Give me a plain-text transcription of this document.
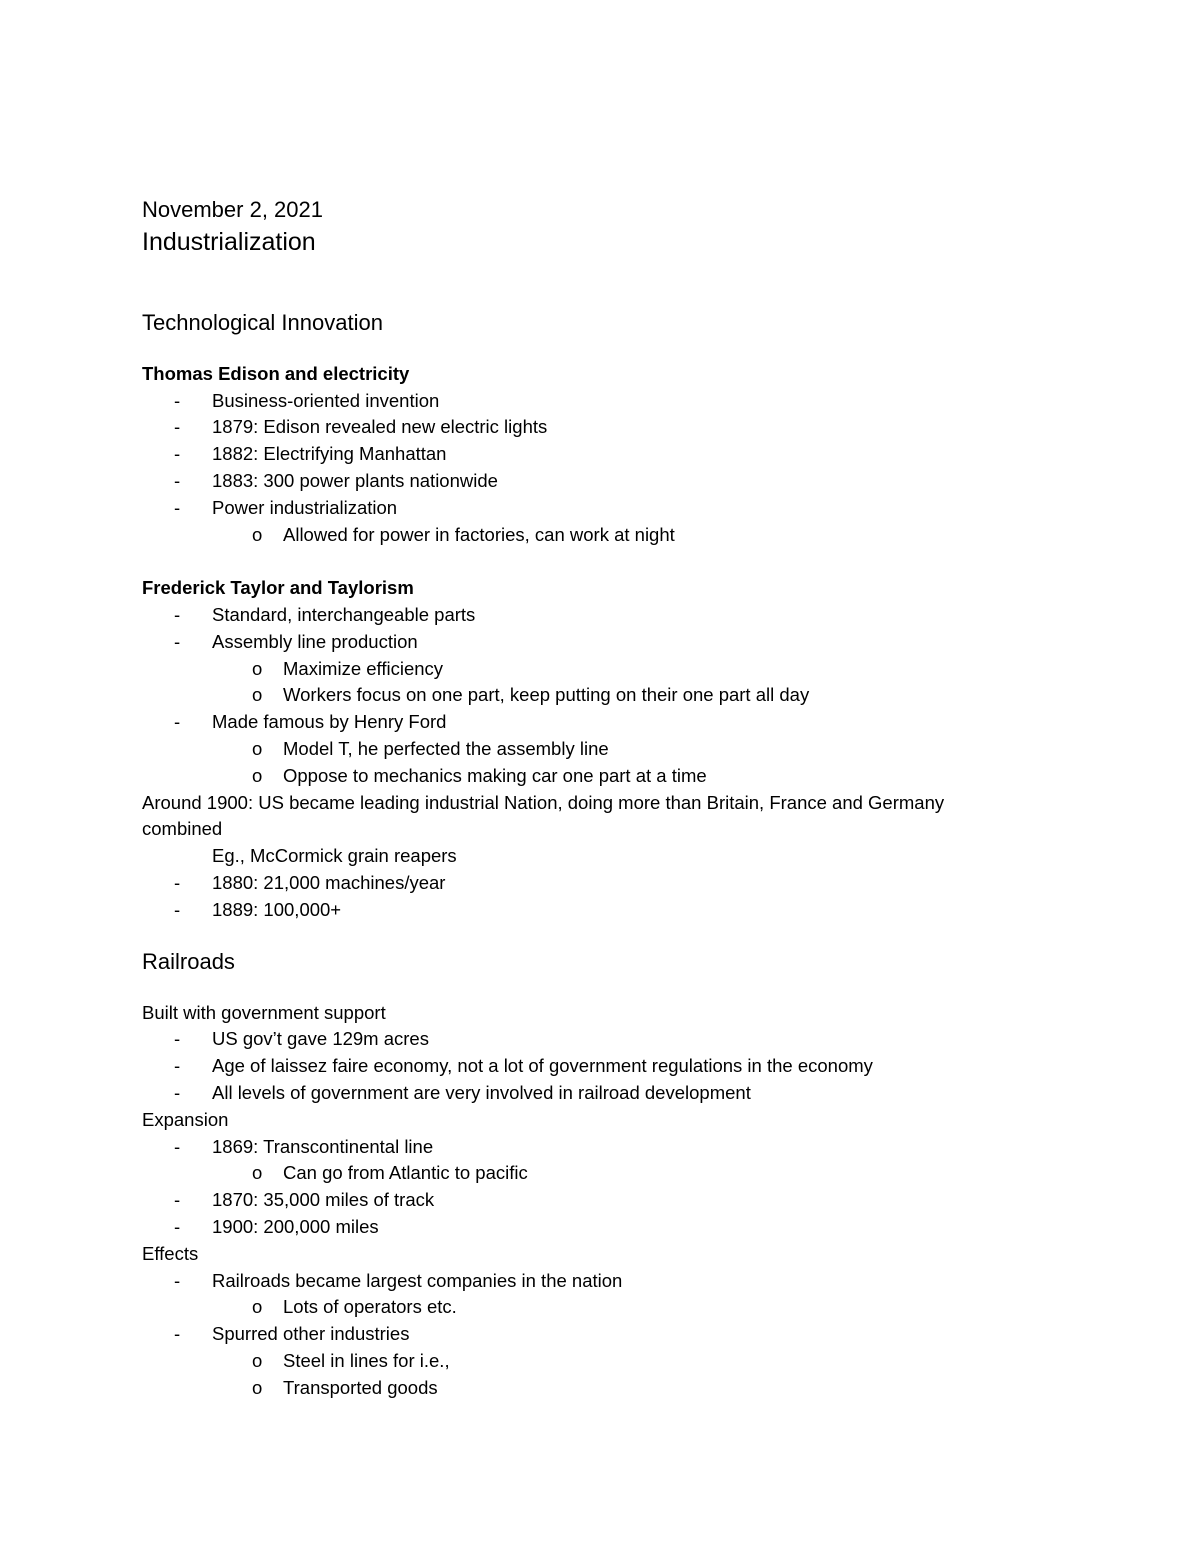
November 2, 2021
Industrialization
Technological Innovation
Thomas Edison and electricity
- Business-oriented invention
- 1879: Edison revealed new electric lights
- 1882: Electrifying Manhattan
- 1883: 300 power plants nationwide
- Power industrialization
o Allowed for power in factories, can work at night
Frederick Taylor and Taylorism
- Standard, interchangeable parts
- Assembly line production
o Maximize efficiency
o Workers focus on one part, keep putting on their one part all day
- Made famous by Henry Ford
o Model T, he perfected the assembly line
o Oppose to mechanics making car one part at a time
Around 1900: US became leading industrial Nation, doing more than Britain, France and Germany
combined
Eg., McCormick grain reapers
- 1880: 21,000 machines/year
- 1889: 100,000+
Railroads
Built with government support
- US gov’t gave 129m acres
- Age of laissez faire economy, not a lot of government regulations in the economy
- All levels of government are very involved in railroad development
Expansion
- 1869: Transcontinental line
o Can go from Atlantic to pacific
- 1870: 35,000 miles of track
- 1900: 200,000 miles
Effects
- Railroads became largest companies in the nation
o Lots of operators etc.
- Spurred other industries
o Steel in lines for i.e.,
o Transported goods
